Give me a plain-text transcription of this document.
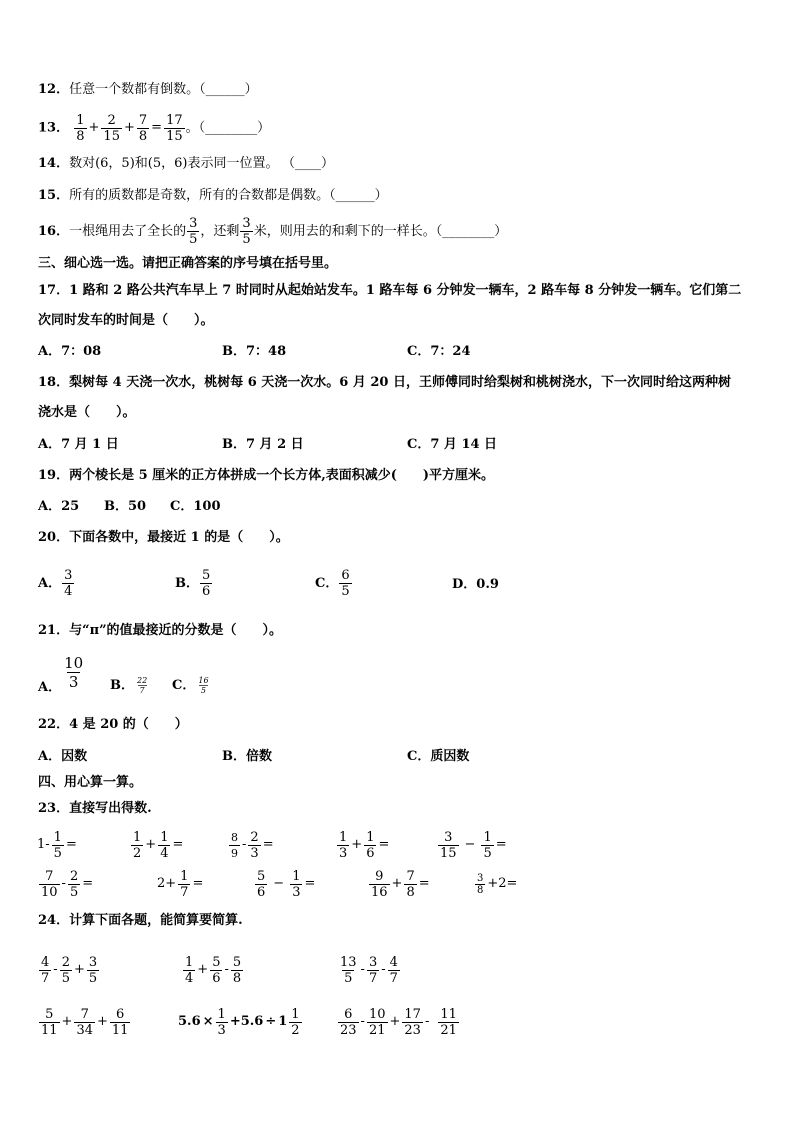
12．任意一个数都有倒数。（______）
13． $\frac{1}{8} + \frac{2}{15} + \frac{7}{8} = \frac{17}{15}$ 。（________）
14．数对(6，5)和(5，6)表示同一位置。 （____）
15．所有的质数都是奇数，所有的合数都是偶数。（______）
16．一根绳用去了全长的 $\frac{3}{5}$ ，还剩 $\frac{3}{5}$ 米，则用去的和剩下的一样长。（________）
三、细心选一选。请把正确答案的序号填在括号里。
17．1 路和 2 路公共汽车早上 7 时同时从起始站发车。1 路车每 6 分钟发一辆车，2 路车每 8 分钟发一辆车。它们第二
次同时发车的时间是（　　）。
A．7：08	B．7：48	C．7：24
18．梨树每 4 天浇一次水，桃树每 6 天浇一次水。6 月 20 日，王师傅同时给梨树和桃树浇水，下一次同时给这两种树
浇水是（　　）。
A．7 月 1 日	B．7 月 2 日	C．7 月 14 日
19．两个棱长是 5 厘米的正方体拼成一个长方体,表面积减少(　　)平方厘米。
A．25 B．50 C．100
20．下面各数中，最接近 1 的是（　　）。
A． $\frac{3}{4}$	B． $\frac{5}{6}$	C． $\frac{6}{5}$	D．0.9
21．与“π”的值最接近的分数是（　　）。
A． $\frac{10}{3}$ B． $\frac{22}{7}$ C． $\frac{16}{5}$
22．4 是 20 的（　　）
A．因数	B．倍数	C．质因数
四、用心算一算。
23．直接写出得数.
$1- \frac{1}{5}$ =	$\frac{1}{2} + \frac{1}{4}$ =	$\frac{8}{9} - \frac{2}{3}$ =	$\frac{1}{3} + \frac{1}{6}$ =	$\frac{3}{15} - \frac{1}{5}$ =
$\frac{7}{10} - \frac{2}{5}$ =	$2+ \frac{1}{7}$ =	$\frac{5}{6} - \frac{1}{3}$ =	$\frac{9}{16} + \frac{7}{8}$ =	$\frac{3}{8} +2=$
24．计算下面各题，能简算要简算.
$\frac{4}{7} - \frac{2}{5} + \frac{3}{5}$	$\frac{1}{4} + \frac{5}{6} - \frac{5}{8}$	$\frac{13}{5} - \frac{3}{7} - \frac{4}{7}$
$\frac{5}{11} + \frac{7}{34} + \frac{6}{11}$	$5.6 \times \frac{1}{3} +5.6 \div 1 \frac{1}{2}$	$\frac{6}{23} - \frac{10}{21} + \frac{17}{23} - \frac{11}{21}$
